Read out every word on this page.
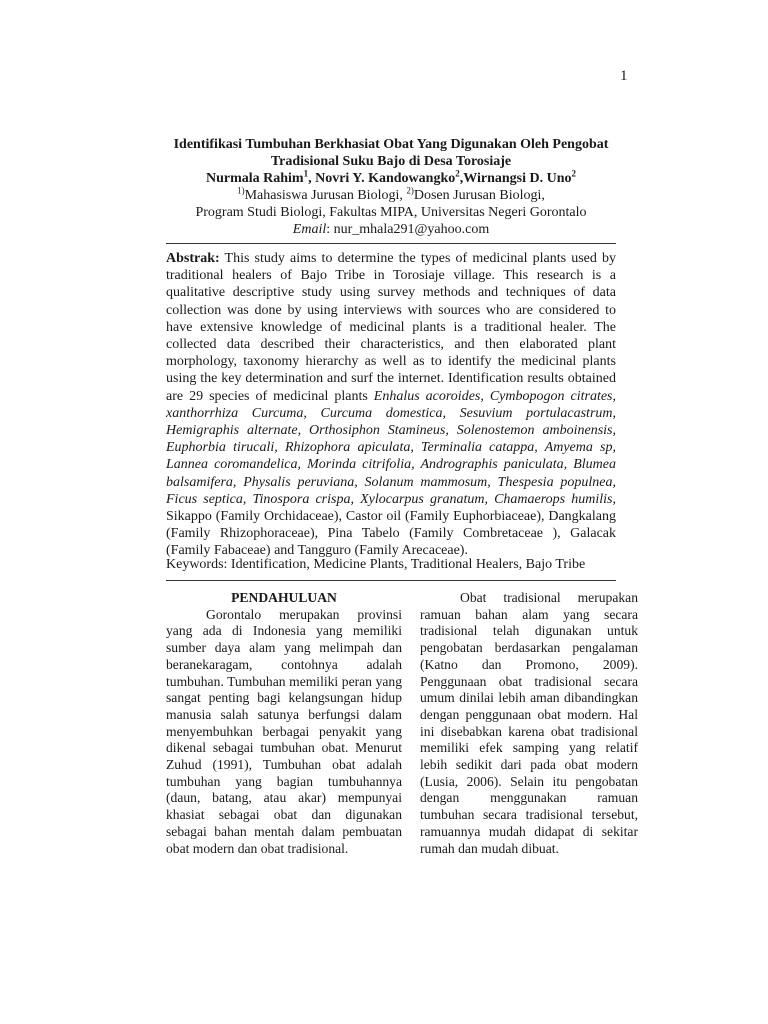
1
Identifikasi Tumbuhan Berkhasiat Obat Yang Digunakan Oleh Pengobat Tradisional Suku Bajo di Desa Torosiaje
Nurmala Rahim$^1$, Novri Y. Kandowangko$^2$,Wirnangsi D. Uno$^2$
$^{1)}$Mahasiswa Jurusan Biologi, $^{2)}$Dosen Jurusan Biologi,
Program Studi Biologi, Fakultas MIPA, Universitas Negeri Gorontalo
Email: nur_mhala291@yahoo.com
Abstrak: This study aims to determine the types of medicinal plants used by traditional healers of Bajo Tribe in Torosiaje village. This research is a qualitative descriptive study using survey methods and techniques of data collection was done by using interviews with sources who are considered to have extensive knowledge of medicinal plants is a traditional healer. The collected data described their characteristics, and then elaborated plant morphology, taxonomy hierarchy as well as to identify the medicinal plants using the key determination and surf the internet. Identification results obtained are 29 species of medicinal plants Enhalus acoroides, Cymbopogon citrates, xanthorrhiza Curcuma, Curcuma domestica, Sesuvium portulacastrum, Hemigraphis alternate, Orthosiphon Stamineus, Solenostemon amboinensis, Euphorbia tirucali, Rhizophora apiculata, Terminalia catappa, Amyema sp, Lannea coromandelica, Morinda citrifolia, Andrographis paniculata, Blumea balsamifera, Physalis peruviana, Solanum mammosum, Thespesia populnea, Ficus septica, Tinospora crispa, Xylocarpus granatum, Chamaerops humilis, Sikappo (Family Orchidaceae), Castor oil (Family Euphorbiaceae), Dangkalang (Family Rhizophoraceae), Pina Tabelo (Family Combretaceae ), Galacak (Family Fabaceae) and Tangguro (Family Arecaceae).
Keywords: Identification, Medicine Plants, Traditional Healers, Bajo Tribe

PENDAHULUAN

Gorontalo merupakan provinsi yang ada di Indonesia yang memiliki sumber daya alam yang melimpah dan beranekaragam, contohnya adalah tumbuhan. Tumbuhan memiliki peran yang sangat penting bagi kelangsungan hidup manusia salah satunya berfungsi dalam menyembuhkan berbagai penyakit yang dikenal sebagai tumbuhan obat. Menurut Zuhud (1991), Tumbuhan obat adalah tumbuhan yang bagian tumbuhannya (daun, batang, atau akar) mempunyai khasiat sebagai obat dan digunakan sebagai bahan mentah dalam pembuatan obat modern dan obat tradisional.

Obat tradisional merupakan ramuan bahan alam yang secara tradisional telah digunakan untuk pengobatan berdasarkan pengalaman (Katno dan Promono, 2009). Penggunaan obat tradisional secara umum dinilai lebih aman dibandingkan dengan penggunaan obat modern. Hal ini disebabkan karena obat tradisional memiliki efek samping yang relatif lebih sedikit dari pada obat modern (Lusia, 2006). Selain itu pengobatan dengan menggunakan ramuan tumbuhan secara tradisional tersebut, ramuannya mudah didapat di sekitar rumah dan mudah dibuat.
